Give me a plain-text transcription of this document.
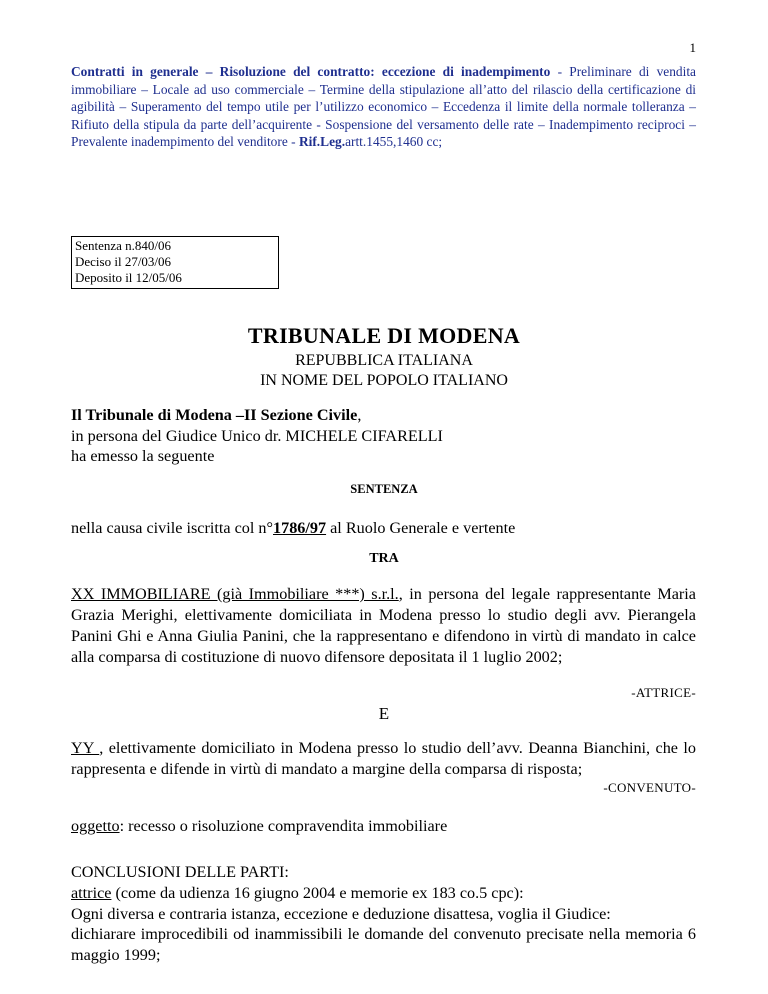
1
Contratti in generale – Risoluzione del contratto: eccezione di inadempimento - Preliminare di vendita immobiliare – Locale ad uso commerciale – Termine della stipulazione all’atto del rilascio della certificazione di agibilità – Superamento del tempo utile per l’utilizzo economico – Eccedenza il limite della normale tolleranza – Rifiuto della stipula da parte dell’acquirente - Sospensione del versamento delle rate – Inadempimento reciproci – Prevalente inadempimento del venditore - Rif.Leg.artt.1455,1460 cc;
Sentenza n.840/06
Deciso il 27/03/06
Deposito il 12/05/06
TRIBUNALE DI MODENA
REPUBBLICA ITALIANA
IN NOME DEL POPOLO ITALIANO
Il Tribunale di Modena –II Sezione Civile,
in persona del Giudice Unico dr. MICHELE CIFARELLI
ha emesso la seguente
SENTENZA
nella causa civile iscritta col n°1786/97 al Ruolo Generale e vertente
TRA
XX IMMOBILIARE (già Immobiliare ***) s.r.l., in persona del legale rappresentante Maria Grazia Merighi, elettivamente domiciliata in Modena presso lo studio degli avv. Pierangela Panini Ghi e Anna Giulia Panini, che la rappresentano e difendono in virtù di mandato in calce alla comparsa di costituzione di nuovo difensore depositata il 1 luglio 2002;
-ATTRICE-
E
YY , elettivamente domiciliato in Modena presso lo studio dell’avv. Deanna Bianchini, che lo rappresenta e difende in virtù di mandato a margine della comparsa di risposta;
-CONVENUTO-
oggetto: recesso o risoluzione compravendita immobiliare
CONCLUSIONI DELLE PARTI:
attrice (come da udienza 16 giugno 2004 e memorie ex 183 co.5 cpc):
Ogni diversa e contraria istanza, eccezione e deduzione disattesa, voglia il Giudice:
dichiarare improcedibili od inammissibili le domande del convenuto precisate nella memoria 6 maggio 1999;
